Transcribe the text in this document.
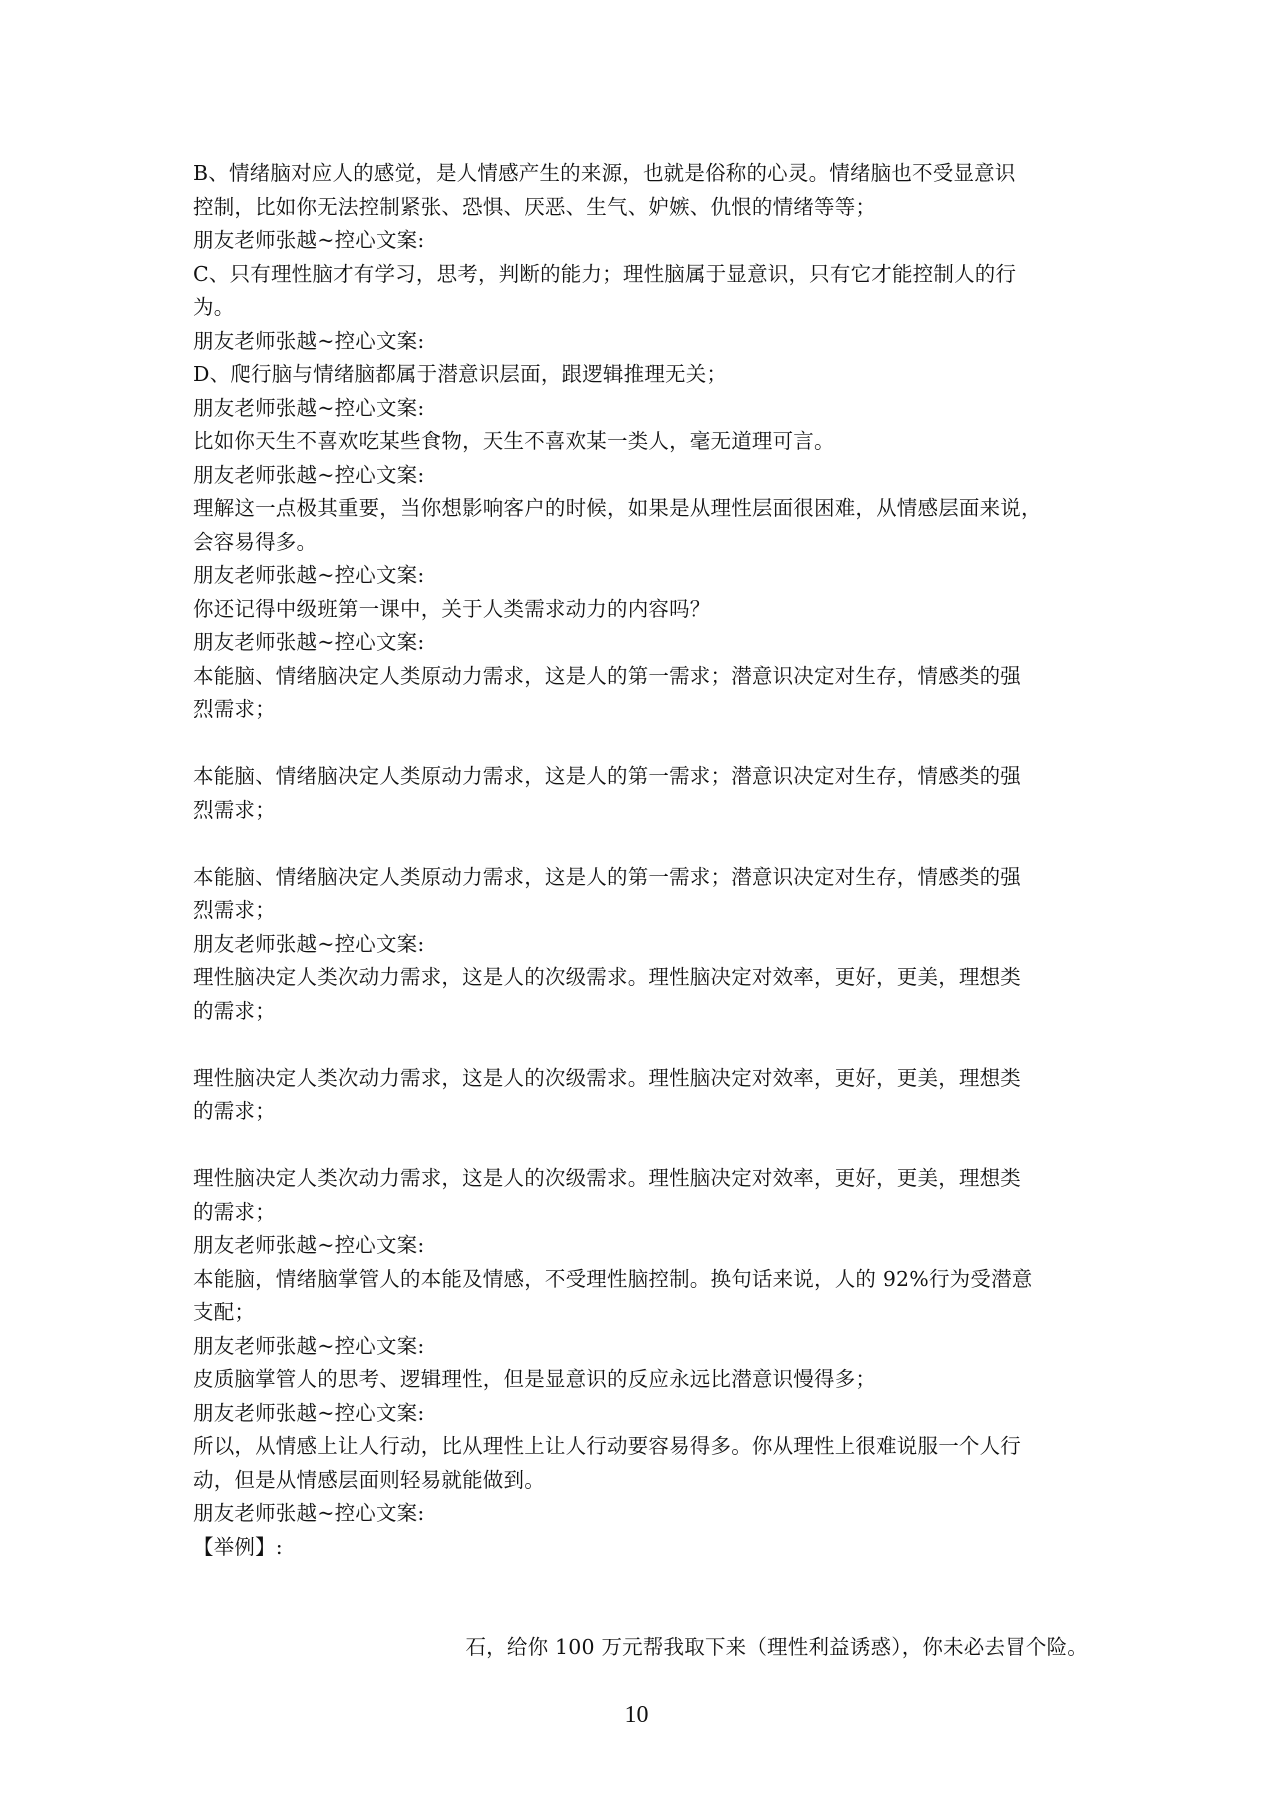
B、情绪脑对应人的感觉，是人情感产生的来源，也就是俗称的心灵。情绪脑也不受显意识
控制，比如你无法控制紧张、恐惧、厌恶、生气、妒嫉、仇恨的情绪等等；
朋友老师张越~控心文案:
C、只有理性脑才有学习，思考，判断的能力；理性脑属于显意识，只有它才能控制人的行
为。
朋友老师张越~控心文案:
D、爬行脑与情绪脑都属于潜意识层面，跟逻辑推理无关；
朋友老师张越~控心文案:
比如你天生不喜欢吃某些食物，天生不喜欢某一类人，毫无道理可言。
朋友老师张越~控心文案:
理解这一点极其重要，当你想影响客户的时候，如果是从理性层面很困难，从情感层面来说，
会容易得多。
朋友老师张越~控心文案:
你还记得中级班第一课中，关于人类需求动力的内容吗？
朋友老师张越~控心文案:
本能脑、情绪脑决定人类原动力需求，这是人的第一需求；潜意识决定对生存，情感类的强
烈需求；
本能脑、情绪脑决定人类原动力需求，这是人的第一需求；潜意识决定对生存，情感类的强
烈需求；
本能脑、情绪脑决定人类原动力需求，这是人的第一需求；潜意识决定对生存，情感类的强
烈需求；
朋友老师张越~控心文案:
理性脑决定人类次动力需求，这是人的次级需求。理性脑决定对效率，更好，更美，理想类
的需求；
理性脑决定人类次动力需求，这是人的次级需求。理性脑决定对效率，更好，更美，理想类
的需求；
理性脑决定人类次动力需求，这是人的次级需求。理性脑决定对效率，更好，更美，理想类
的需求；
朋友老师张越~控心文案:
本能脑，情绪脑掌管人的本能及情感，不受理性脑控制。换句话来说，人的 92%行为受潜意
支配；
朋友老师张越~控心文案:
皮质脑掌管人的思考、逻辑理性，但是显意识的反应永远比潜意识慢得多；
朋友老师张越~控心文案:
所以，从情感上让人行动，比从理性上让人行动要容易得多。你从理性上很难说服一个人行
动，但是从情感层面则轻易就能做到。
朋友老师张越~控心文案:
【举例】:
石，给你 100 万元帮我取下来（理性利益诱惑），你未必去冒个险。
10
